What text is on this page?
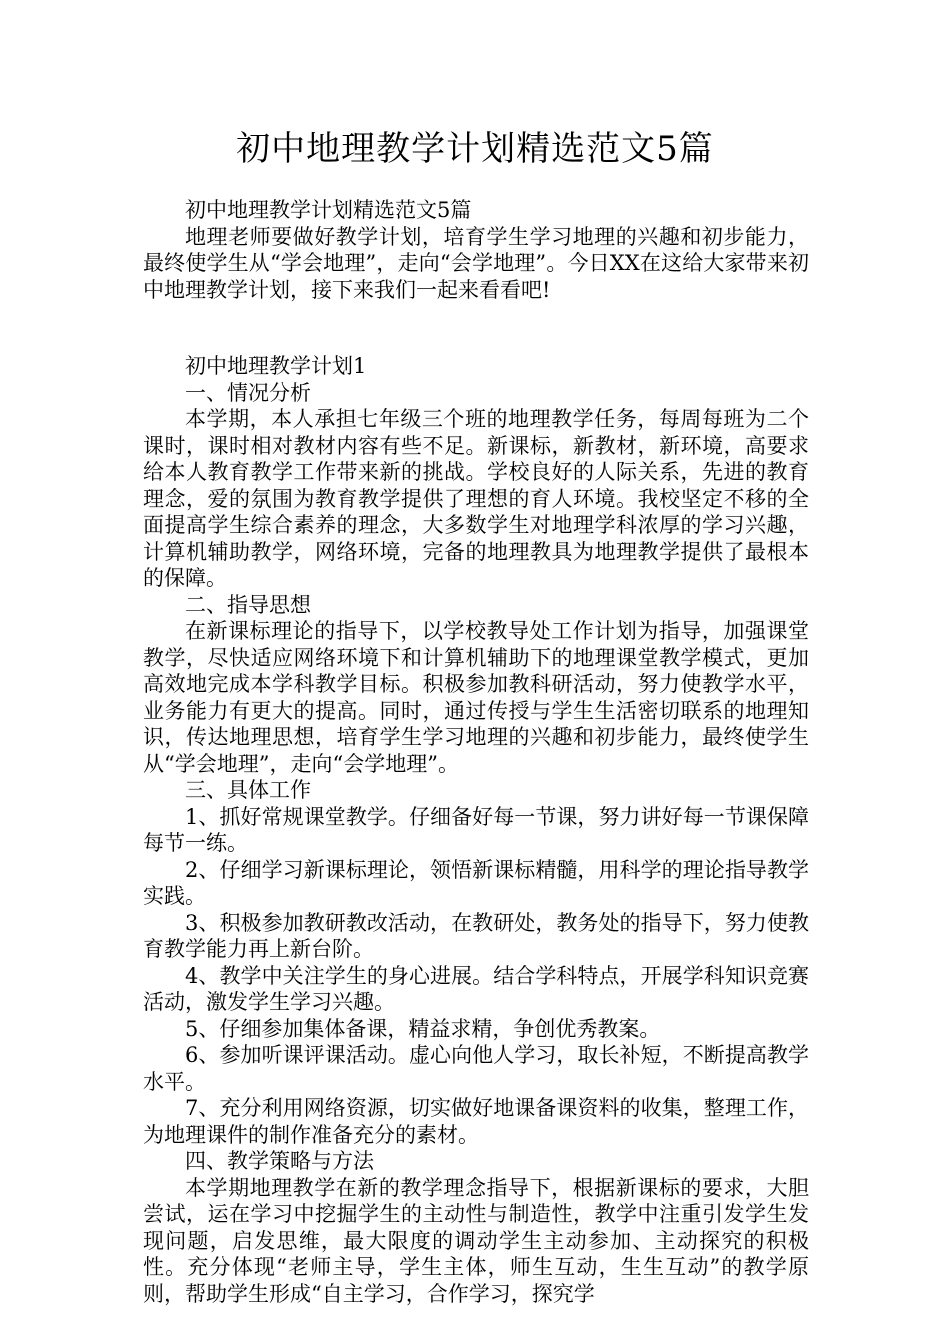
初中地理教学计划精选范文5篇

初中地理教学计划精选范文5篇

地理老师要做好教学计划，培育学生学习地理的兴趣和初步能力，最终使学生从“学会地理”，走向“会学地理”。今日XX在这给大家带来初中地理教学计划，接下来我们一起来看看吧!

初中地理教学计划1

一、情况分析

本学期，本人承担七年级三个班的地理教学任务，每周每班为二个课时，课时相对教材内容有些不足。新课标，新教材，新环境，高要求给本人教育教学工作带来新的挑战。学校良好的人际关系，先进的教育理念，爱的氛围为教育教学提供了理想的育人环境。我校坚定不移的全面提高学生综合素养的理念，大多数学生对地理学科浓厚的学习兴趣，计算机辅助教学，网络环境，完备的地理教具为地理教学提供了最根本的保障。

二、指导思想

在新课标理论的指导下，以学校教导处工作计划为指导，加强课堂教学，尽快适应网络环境下和计算机辅助下的地理课堂教学模式，更加高效地完成本学科教学目标。积极参加教科研活动，努力使教学水平，业务能力有更大的提高。同时，通过传授与学生生活密切联系的地理知识，传达地理思想，培育学生学习地理的兴趣和初步能力，最终使学生从“学会地理”，走向“会学地理”。

三、具体工作

1、抓好常规课堂教学。仔细备好每一节课，努力讲好每一节课保障每节一练。

2、仔细学习新课标理论，领悟新课标精髓，用科学的理论指导教学实践。

3、积极参加教研教改活动，在教研处，教务处的指导下，努力使教育教学能力再上新台阶。

4、教学中关注学生的身心进展。结合学科特点，开展学科知识竞赛活动，激发学生学习兴趣。

5、仔细参加集体备课，精益求精，争创优秀教案。

6、参加听课评课活动。虚心向他人学习，取长补短，不断提高教学水平。

7、充分利用网络资源，切实做好地课备课资料的收集，整理工作，为地理课件的制作准备充分的素材。

四、教学策略与方法

本学期地理教学在新的教学理念指导下，根据新课标的要求，大胆尝试，运在学习中挖掘学生的主动性与制造性，教学中注重引发学生发现问题，启发思维，最大限度的调动学生主动参加、主动探究的积极性。充分体现“老师主导，学生主体，师生互动，生生互动”的教学原则，帮助学生形成“自主学习，合作学习，探究学
